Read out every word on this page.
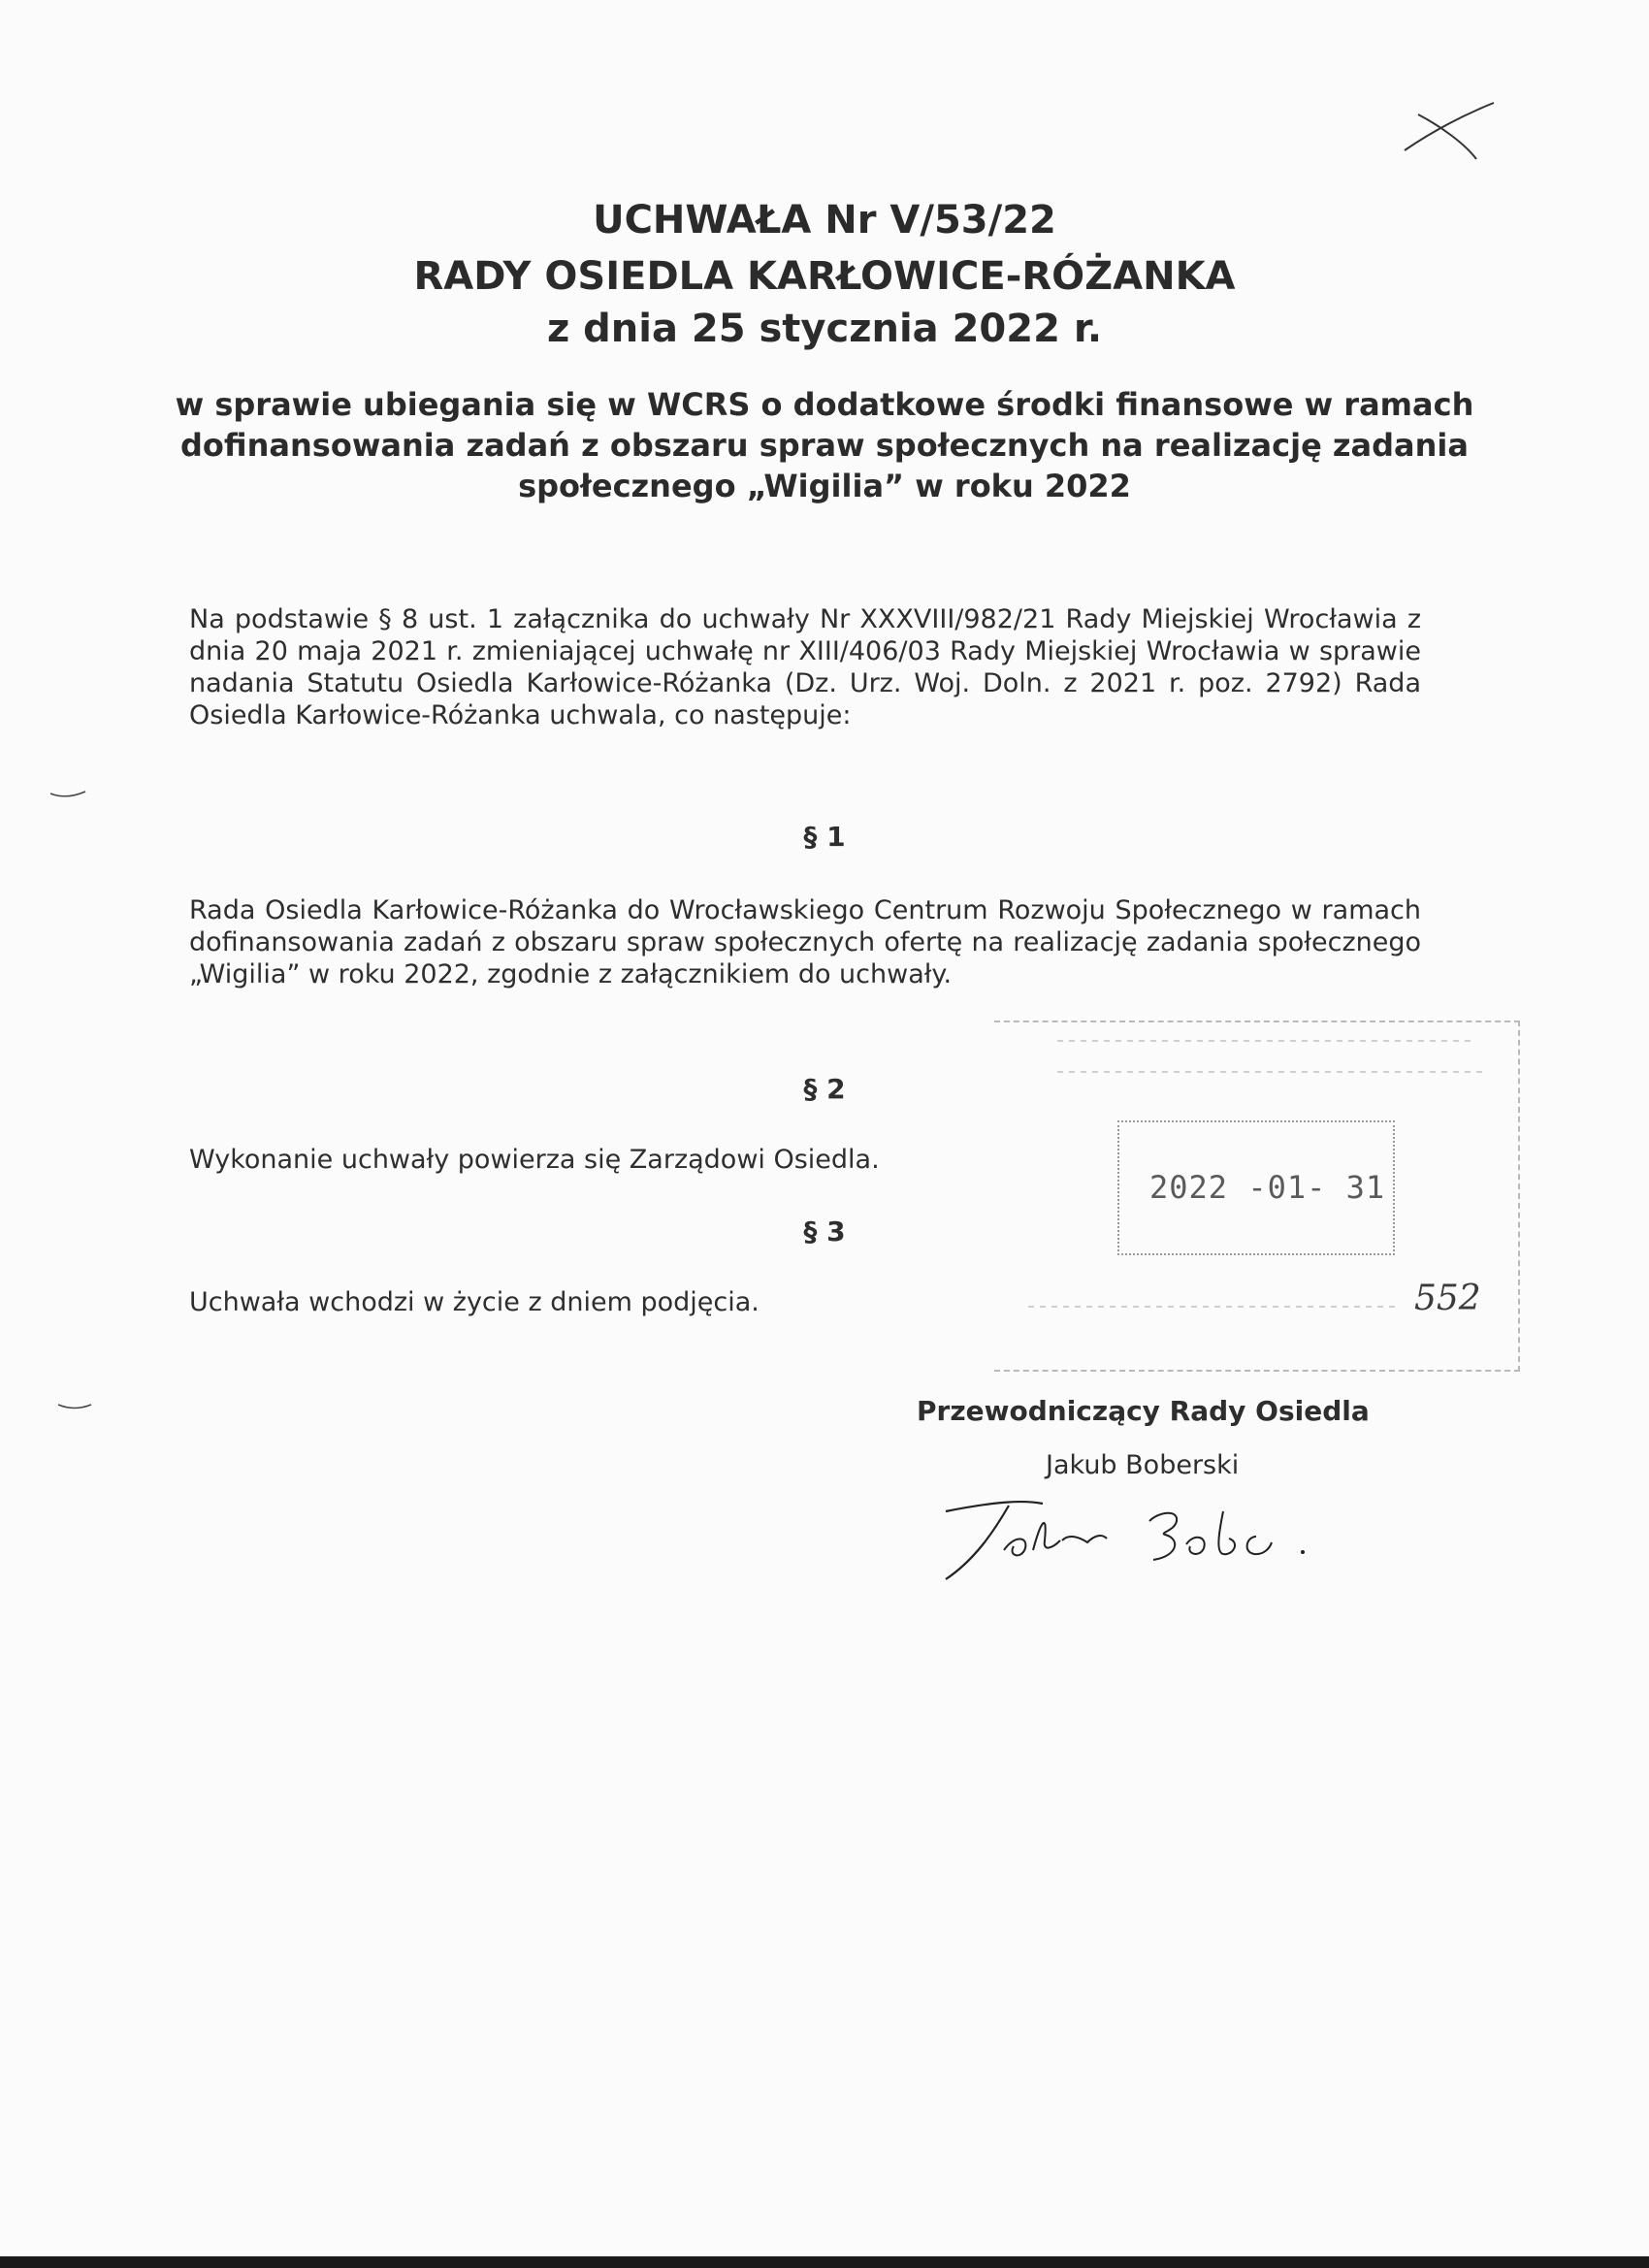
UCHWAŁA Nr V/53/22
RADY OSIEDLA KARŁOWICE-RÓŻANKA
z dnia 25 stycznia 2022 r.

w sprawie ubiegania się w WCRS o dodatkowe środki finansowe w ramach dofinansowania zadań z obszaru spraw społecznych na realizację zadania społecznego „Wigilia” w roku 2022

Na podstawie § 8 ust. 1 załącznika do uchwały Nr XXXVIII/982/21 Rady Miejskiej Wrocławia z dnia 20 maja 2021 r. zmieniającej uchwałę nr XIII/406/03 Rady Miejskiej Wrocławia w sprawie nadania Statutu Osiedla Karłowice-Różanka (Dz. Urz. Woj. Doln. z 2021 r. poz. 2792) Rada Osiedla Karłowice-Różanka uchwala, co następuje:

§ 1

Rada Osiedla Karłowice-Różanka do Wrocławskiego Centrum Rozwoju Społecznego w ramach dofinansowania zadań z obszaru spraw społecznych ofertę na realizację zadania społecznego „Wigilia” w roku 2022, zgodnie z załącznikiem do uchwały.

§ 2

Wykonanie uchwały powierza się Zarządowi Osiedla.

§ 3

Uchwała wchodzi w życie z dniem podjęcia.

2022 -01- 31
552
Przewodniczący Rady Osiedla
Jakub Boberski
